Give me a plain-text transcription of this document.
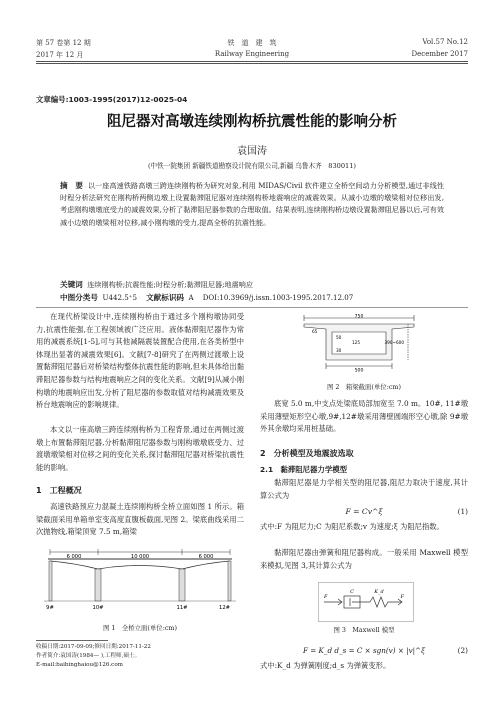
第 57 卷第 12 期
2017 年 12 月
铁　道　建　筑
Railway Engineering
Vol.57 No.12
December 2017
文章编号:1003-1995(2017)12-0025-04
阻尼器对高墩连续刚构桥抗震性能的影响分析
袁国涛
(中铁一院集团 新疆铁道勘察设计院有限公司,新疆 乌鲁木齐　830011)
摘　要 以一座高速铁路高墩三跨连续刚构桥为研究对象,利用 MIDAS/Civil 软件建立全桥空间动力分析模型,通过非线性时程分析法研究在刚构桥两侧边墩上设置黏滞阻尼器对连续刚构桥地震响应的减震效果。从减小边墩的墩梁相对位移出发,考虑刚构墩墩底受力的减震效果,分析了黏滞阻尼器参数的合理取值。结果表明,连续刚构桥边墩设置黏滞阻尼器以后,可有效减小边墩的墩梁相对位移,减小刚构墩的受力,提高全桥的抗震性能。
关键词 连续刚构桥;抗震性能;时程分析;黏滞阻尼器;地震响应
中图分类号 U442.5⁺5 文献标识码 A DOI:10.3969/j.issn.1003-1995.2017.12.07
在现代桥梁设计中,连续刚构桥由于通过多个刚构墩协同受力,抗震性能强,在工程领域被广泛应用。液体黏滞阻尼器作为常用的减震系统[1-5],可与其他减隔震装置配合使用,在各类桥型中体现出显著的减震效果[6]。文献[7-8]研究了在两侧过渡墩上设置黏滞阻尼器后对桥梁结构整体抗震性能的影响,但未具体给出黏滞阻尼器参数与结构地震响应之间的变化关系。文献[9]从减小刚构墩的地震响应出发,分析了阻尼器的参数取值对结构减震效果及桥台地震响应的影响规律。
本文以一座高墩三跨连续刚构桥为工程背景,通过在两侧过渡墩上布置黏滞阻尼器,分析黏滞阻尼器参数与刚构墩墩底受力、过渡墩墩梁相对位移之间的变化关系,探讨黏滞阻尼器对桥梁抗震性能的影响。
1　工程概况
高速铁路预应力混凝土连续刚构桥全桥立面如图 1 所示。箱梁截面采用单箱单室变高度直腹板截面,见图 2。梁底曲线采用二次抛物线,箱梁顶宽 7.5 m,箱梁
6 000	10 000	6 000
9#	10#	11#	12#
图 1　全桥立面(单位:cm)
收稿日期:2017-09-09;修回日期:2017-11-22
作者简介:袁国涛(1984— ),工程师,硕士。
E-mail:baibinghaiou@126.com
750
500
390~600
65
50
125
30
图 2　箱梁截面(单位:cm)
底宽 5.0 m,中支点处梁底局部加宽至 7.0 m。10#, 11#墩采用薄壁矩形空心墩,9#,12#墩采用薄壁圆端形空心墩,除 9#墩外其余墩均采用桩基础。
2　分析模型及地震波选取
2.1　黏滞阻尼器力学模型
黏滞阻尼器是力学相关型的阻尼器,阻尼力取决于速度,其计算公式为
F = Cv^ξ	(1)
式中:F 为阻尼力;C 为阻尼系数;v 为速度;ξ 为阻尼指数。
黏滞阻尼器由弹簧和阻尼器构成。一般采用 Maxwell 模型来模拟,见图 3,其计算公式为
F
C	K_d
F
图 3　Maxwell 模型
F = K_d d_s = C × sgn(v) × |v|^ξ	(2)
式中:K_d 为弹簧刚度;d_s 为弹簧变形。
